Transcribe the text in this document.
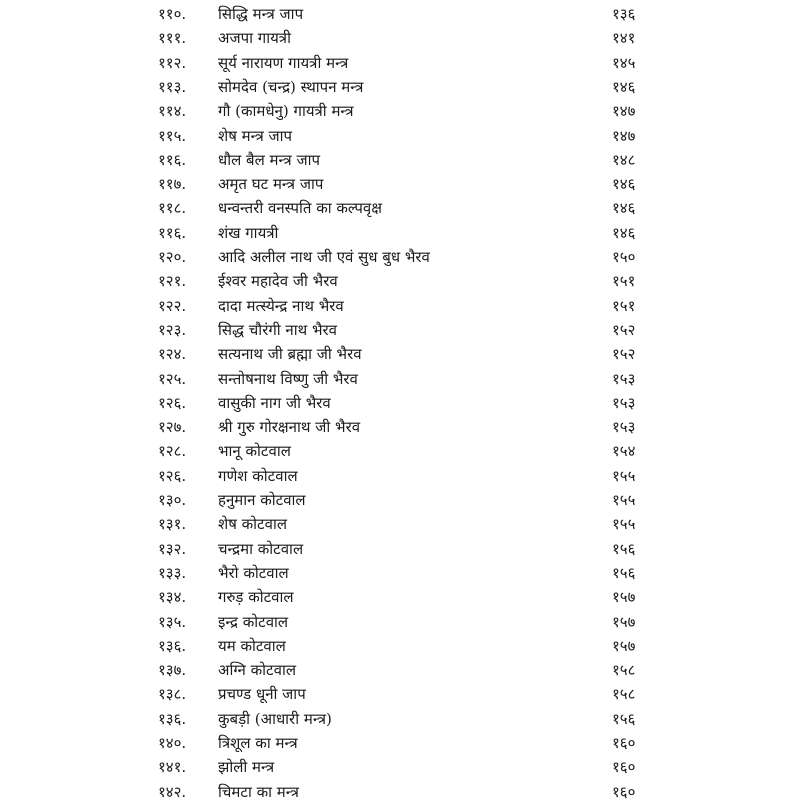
११०.	सिद्धि मन्त्र जाप	१३६
१११.	अजपा गायत्री	१४१
११२.	सूर्य नारायण गायत्री मन्त्र	१४५
११३.	सोमदेव (चन्द्र) स्थापन मन्त्र	१४६
११४.	गौ (कामधेनु) गायत्री मन्त्र	१४७
११५.	शेष मन्त्र जाप	१४७
११६.	धौल बैल मन्त्र जाप	१४८
११७.	अमृत घट मन्त्र जाप	१४६
११८.	धन्वन्तरी वनस्पति का कल्पवृक्ष	१४६
११६.	शंख गायत्री	१४६
१२०.	आदि अलील नाथ जी एवं सुध बुध भैरव	१५०
१२१.	ईश्वर महादेव जी भैरव	१५१
१२२.	दादा मत्स्येन्द्र नाथ भैरव	१५१
१२३.	सिद्ध चौरंगी नाथ भैरव	१५२
१२४.	सत्यनाथ जी ब्रह्मा जी भैरव	१५२
१२५.	सन्तोषनाथ विष्णु जी भैरव	१५३
१२६.	वासुकी नाग जी भैरव	१५३
१२७.	श्री गुरु गोरक्षनाथ जी भैरव	१५३
१२८.	भानू कोटवाल	१५४
१२६.	गणेश कोटवाल	१५५
१३०.	हनुमान कोटवाल	१५५
१३१.	शेष कोटवाल	१५५
१३२.	चन्द्रमा कोटवाल	१५६
१३३.	भैरो कोटवाल	१५६
१३४.	गरुड़ कोटवाल	१५७
१३५.	इन्द्र कोटवाल	१५७
१३६.	यम कोटवाल	१५७
१३७.	अग्नि कोटवाल	१५८
१३८.	प्रचण्ड धूनी जाप	१५८
१३६.	कुबड़ी (आधारी मन्त्र)	१५६
१४०.	त्रिशूल का मन्त्र	१६०
१४१.	झोली मन्त्र	१६०
१४२.	चिमटा का मन्त्र	१६०
